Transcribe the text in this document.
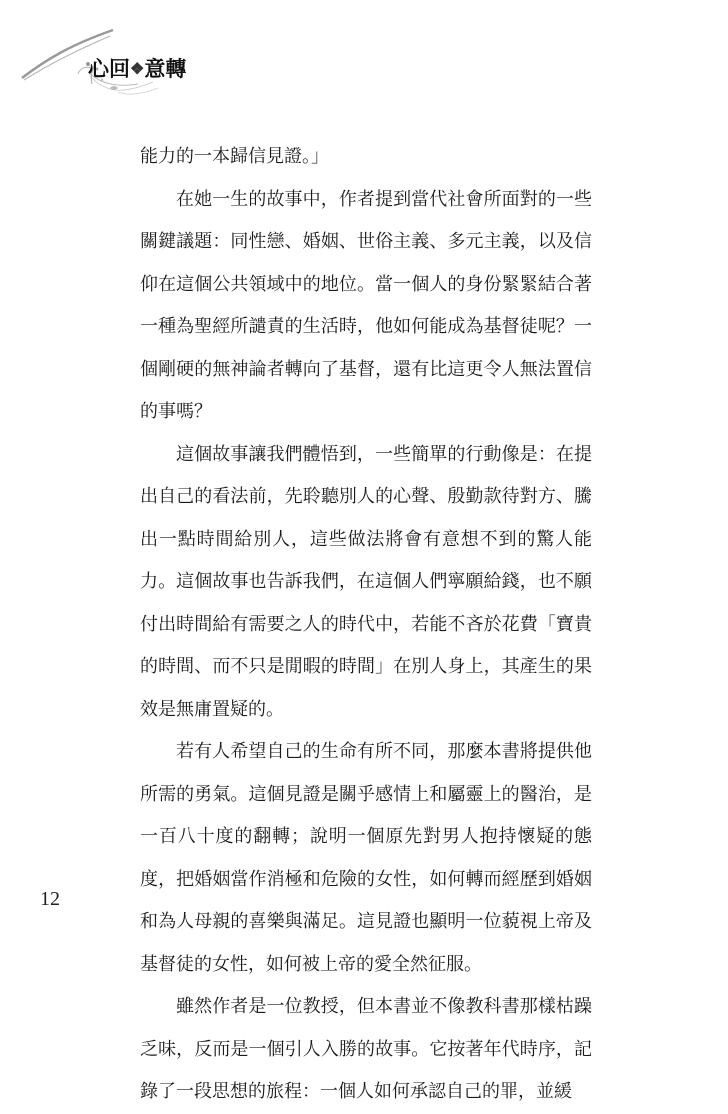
心回❖意轉

能力的一本歸信見證。」

在她一生的故事中，作者提到當代社會所面對的一些關鍵議題：同性戀、婚姻、世俗主義、多元主義，以及信仰在這個公共領域中的地位。當一個人的身份緊緊結合著一種為聖經所譴責的生活時，他如何能成為基督徒呢？一個剛硬的無神論者轉向了基督，還有比這更令人無法置信的事嗎？

這個故事讓我們體悟到，一些簡單的行動像是：在提出自己的看法前，先聆聽別人的心聲、殷勤款待對方、騰出一點時間給別人，這些做法將會有意想不到的驚人能力。這個故事也告訴我們，在這個人們寧願給錢，也不願付出時間給有需要之人的時代中，若能不吝於花費「寶貴的時間、而不只是閒暇的時間」在別人身上，其產生的果效是無庸置疑的。

若有人希望自己的生命有所不同，那麼本書將提供他所需的勇氣。這個見證是關乎感情上和屬靈上的醫治，是一百八十度的翻轉；說明一個原先對男人抱持懷疑的態度，把婚姻當作消極和危險的女性，如何轉而經歷到婚姻和為人母親的喜樂與滿足。這見證也顯明一位藐視上帝及基督徒的女性，如何被上帝的愛全然征服。

雖然作者是一位教授，但本書並不像教科書那樣枯躁乏味，反而是一個引人入勝的故事。它按著年代時序，記錄了一段思想的旅程：一個人如何承認自己的罪，並緩

12
